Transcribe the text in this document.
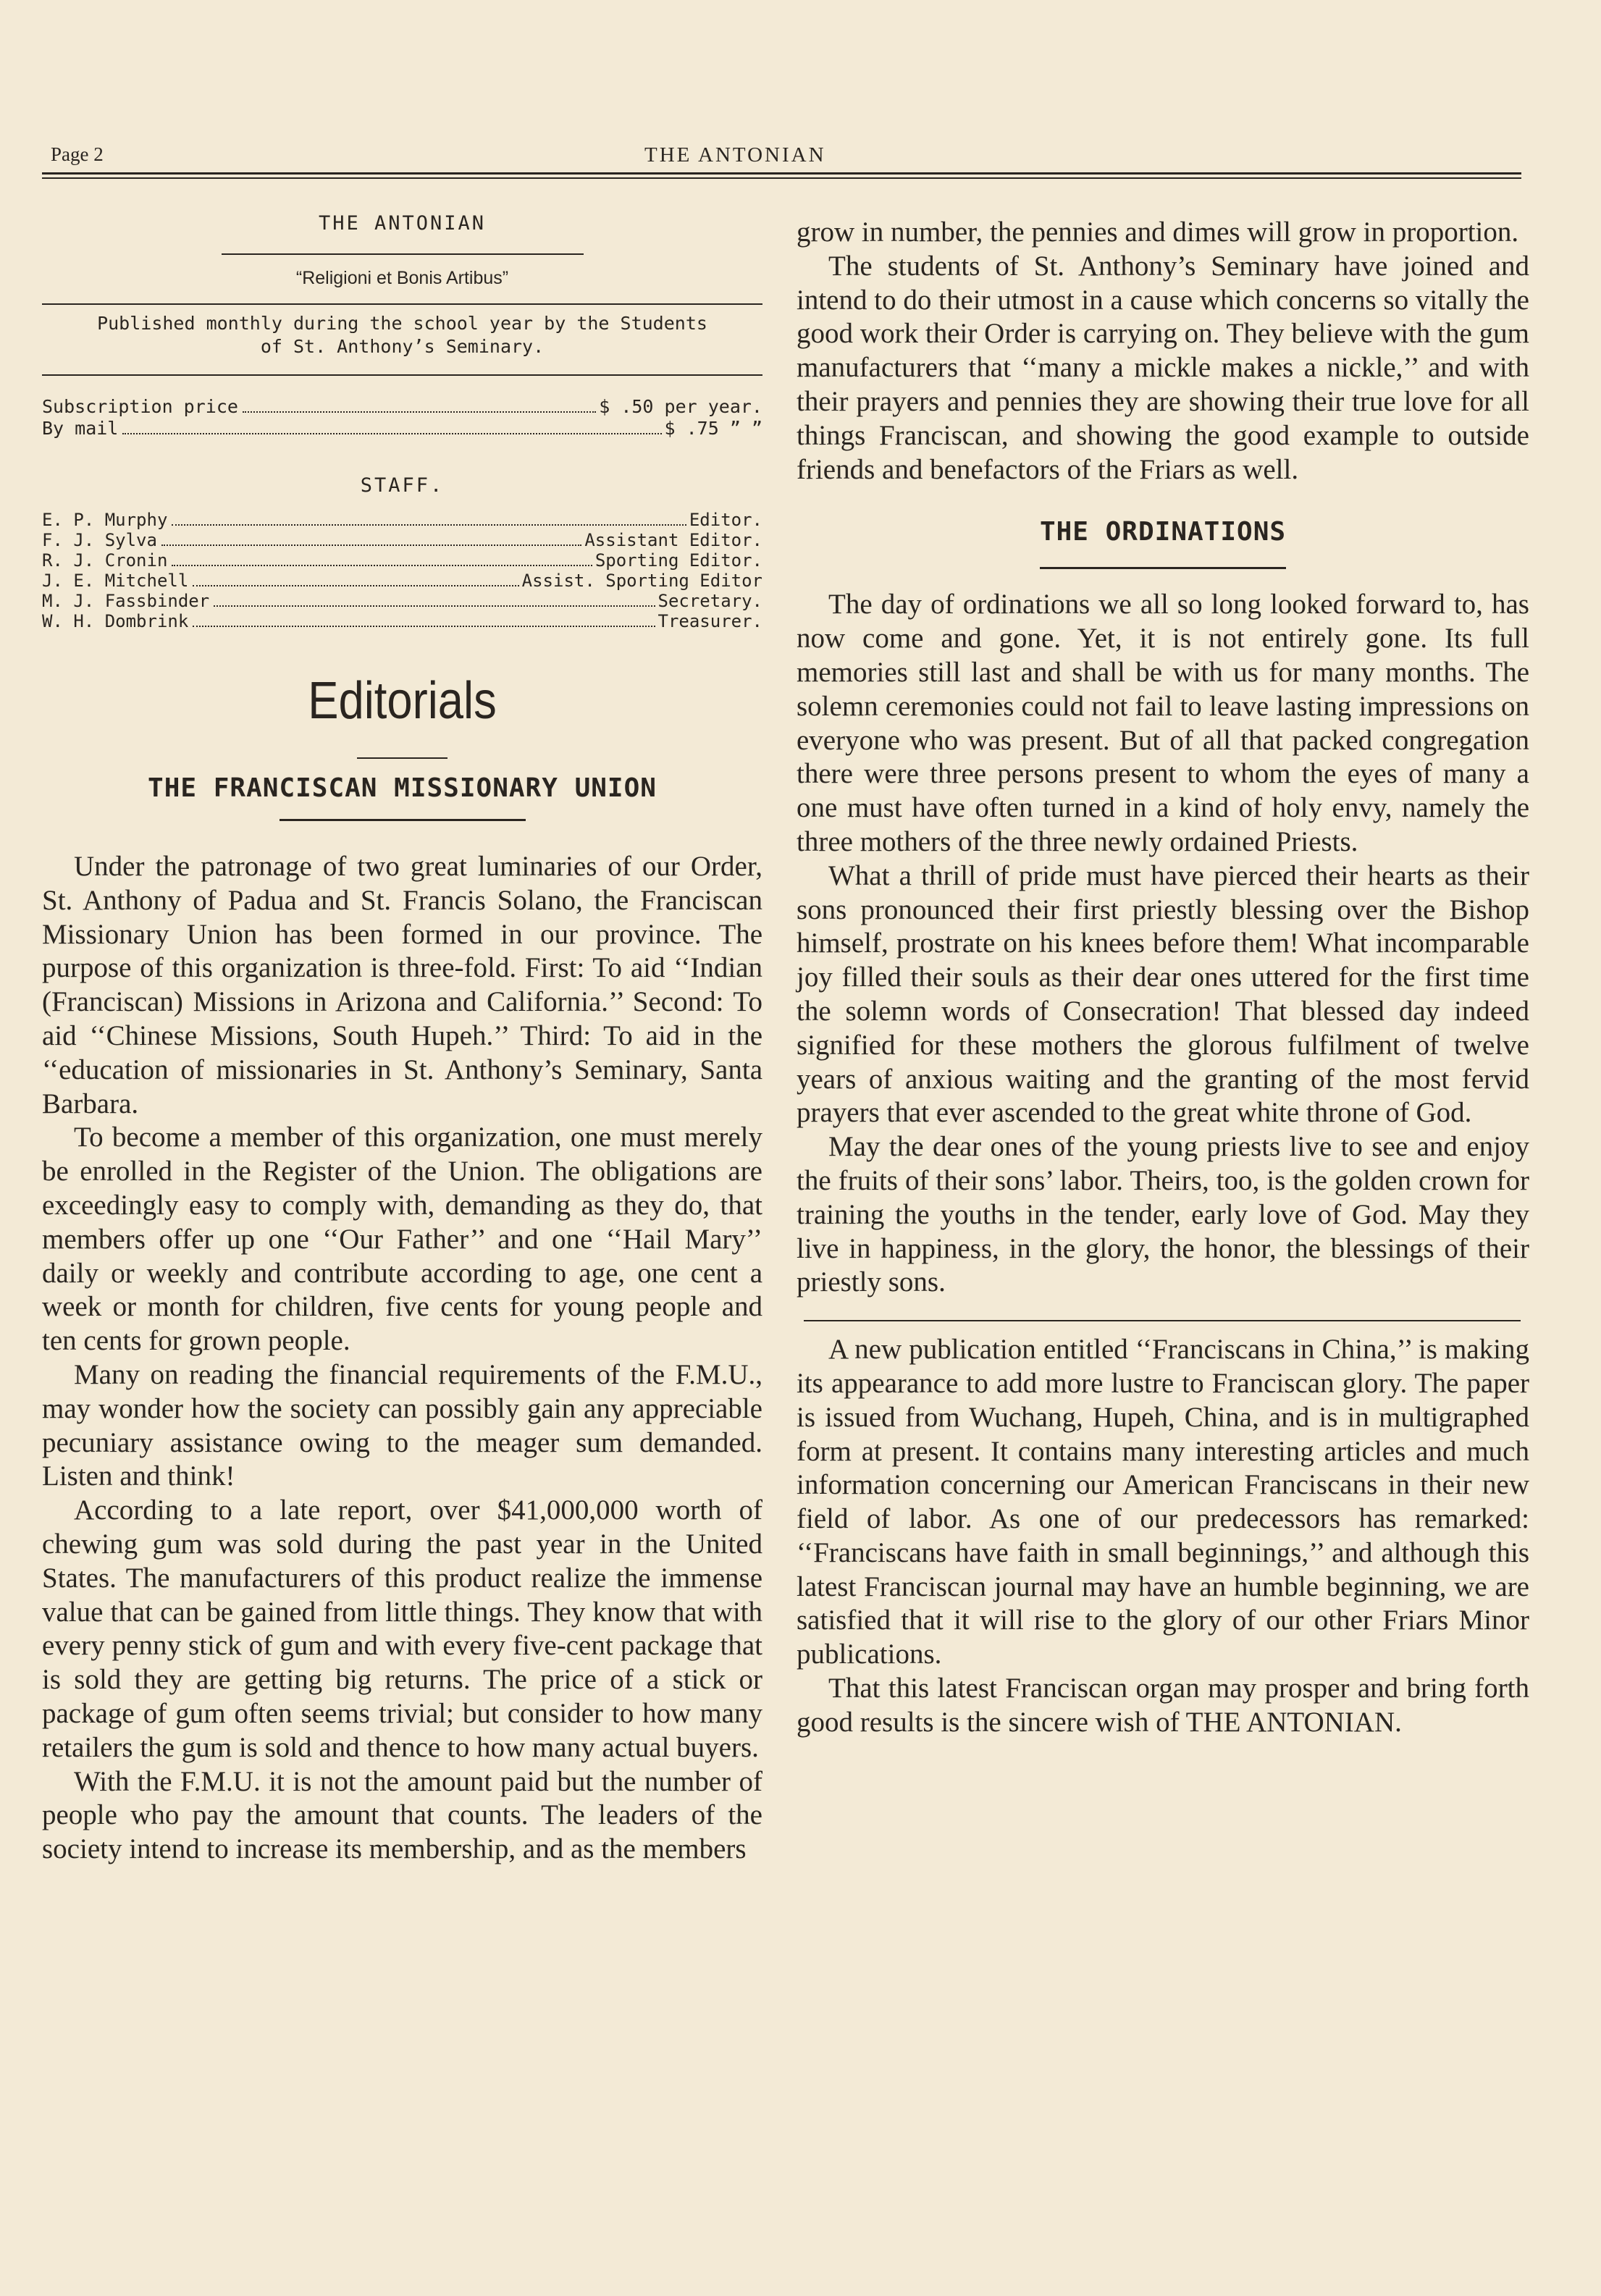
Page 2	THE ANTONIAN
THE ANTONIAN
“Religioni et Bonis Artibus”
Published monthly during the school year by the Students
of St. Anthony’s Seminary.
Subscription price	$ .50 per year.
By mail	$ .75 ” ”
STAFF.
E. P. Murphy	Editor.
F. J. Sylva	Assistant Editor.
R. J. Cronin	Sporting Editor.
J. E. Mitchell	Assist. Sporting Editor
M. J. Fassbinder	Secretary.
W. H. Dombrink	Treasurer.
Editorials
THE FRANCISCAN MISSIONARY UNION

Under the patronage of two great luminaries of our Order, St. Anthony of Padua and St. Francis Solano, the Franciscan Missionary Union has been formed in our province. The purpose of this organization is three-fold. First: To aid ‘‘Indian (Franciscan) Missions in Arizona and California.’’ Second: To aid ‘‘Chinese Missions, South Hupeh.’’ Third: To aid in the ‘‘education of missionaries in St. Anthony’s Seminary, Santa Barbara.

To become a member of this organization, one must merely be enrolled in the Register of the Union. The obligations are exceedingly easy to comply with, demanding as they do, that members offer up one ‘‘Our Father’’ and one ‘‘Hail Mary’’ daily or weekly and contribute according to age, one cent a week or month for children, five cents for young people and ten cents for grown people.

Many on reading the financial requirements of the F.M.U., may wonder how the society can possibly gain any appreciable pecuniary assistance owing to the meager sum demanded. Listen and think!

According to a late report, over $41,000,000 worth of chewing gum was sold during the past year in the United States. The manufacturers of this product realize the immense value that can be gained from little things. They know that with every penny stick of gum and with every five-cent package that is sold they are getting big returns. The price of a stick or package of gum often seems trivial; but consider to how many retailers the gum is sold and thence to how many actual buyers.

With the F.M.U. it is not the amount paid but the number of people who pay the amount that counts. The leaders of the society intend to increase its membership, and as the members

grow in number, the pennies and dimes will grow in proportion.

The students of St. Anthony’s Seminary have joined and intend to do their utmost in a cause which concerns so vitally the good work their Order is carrying on. They believe with the gum manufacturers that ‘‘many a mickle makes a nickle,’’ and with their prayers and pennies they are showing their true love for all things Franciscan, and showing the good example to outside friends and benefactors of the Friars as well.

THE ORDINATIONS

The day of ordinations we all so long looked forward to, has now come and gone. Yet, it is not entirely gone. Its full memories still last and shall be with us for many months. The solemn ceremonies could not fail to leave lasting impressions on everyone who was present. But of all that packed congregation there were three persons present to whom the eyes of many a one must have often turned in a kind of holy envy, namely the three mothers of the three newly ordained Priests.

What a thrill of pride must have pierced their hearts as their sons pronounced their first priestly blessing over the Bishop himself, prostrate on his knees before them! What incomparable joy filled their souls as their dear ones uttered for the first time the solemn words of Consecration! That blessed day indeed signified for these mothers the glorous fulfilment of twelve years of anxious waiting and the granting of the most fervid prayers that ever ascended to the great white throne of God.

May the dear ones of the young priests live to see and enjoy the fruits of their sons’ labor. Theirs, too, is the golden crown for training the youths in the tender, early love of God. May they live in happiness, in the glory, the honor, the blessings of their priestly sons.

A new publication entitled ‘‘Franciscans in China,’’ is making its appearance to add more lustre to Franciscan glory. The paper is issued from Wuchang, Hupeh, China, and is in multigraphed form at present. It contains many interesting articles and much information concerning our American Franciscans in their new field of labor. As one of our predecessors has remarked: ‘‘Franciscans have faith in small beginnings,’’ and although this latest Franciscan journal may have an humble beginning, we are satisfied that it will rise to the glory of our other Friars Minor publications.

That this latest Franciscan organ may prosper and bring forth good results is the sincere wish of THE ANTONIAN.
